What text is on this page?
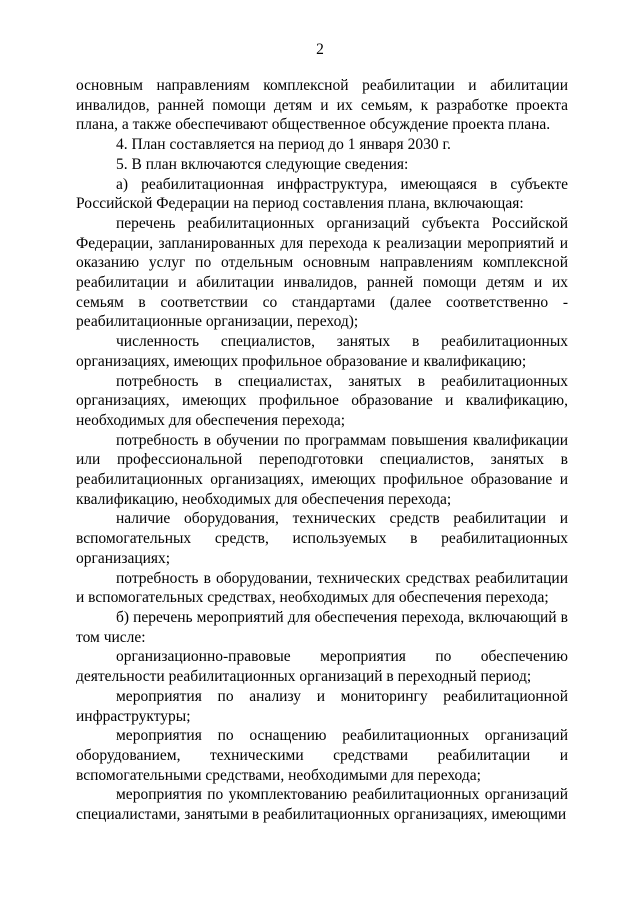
2

основным направлениям комплексной реабилитации и абилитации инвалидов, ранней помощи детям и их семьям, к разработке проекта плана, а также обеспечивают общественное обсуждение проекта плана.

4. План составляется на период до 1 января 2030 г.

5. В план включаются следующие сведения:

а) реабилитационная инфраструктура, имеющаяся в субъекте Российской Федерации на период составления плана, включающая:

перечень реабилитационных организаций субъекта Российской Федерации, запланированных для перехода к реализации мероприятий и оказанию услуг по отдельным основным направлениям комплексной реабилитации и абилитации инвалидов, ранней помощи детям и их семьям в соответствии со стандартами (далее соответственно - реабилитационные организации, переход);

численность специалистов, занятых в реабилитационных организациях, имеющих профильное образование и квалификацию;

потребность в специалистах, занятых в реабилитационных организациях, имеющих профильное образование и квалификацию, необходимых для обеспечения перехода;

потребность в обучении по программам повышения квалификации или профессиональной переподготовки специалистов, занятых в реабилитационных организациях, имеющих профильное образование и квалификацию, необходимых для обеспечения перехода;

наличие оборудования, технических средств реабилитации и вспомогательных средств, используемых в реабилитационных организациях;

потребность в оборудовании, технических средствах реабилитации и вспомогательных средствах, необходимых для обеспечения перехода;

б) перечень мероприятий для обеспечения перехода, включающий в том числе:

организационно-правовые мероприятия по обеспечению деятельности реабилитационных организаций в переходный период;

мероприятия по анализу и мониторингу реабилитационной инфраструктуры;

мероприятия по оснащению реабилитационных организаций оборудованием, техническими средствами реабилитации и вспомогательными средствами, необходимыми для перехода;

мероприятия по укомплектованию реабилитационных организаций специалистами, занятыми в реабилитационных организациях, имеющими
